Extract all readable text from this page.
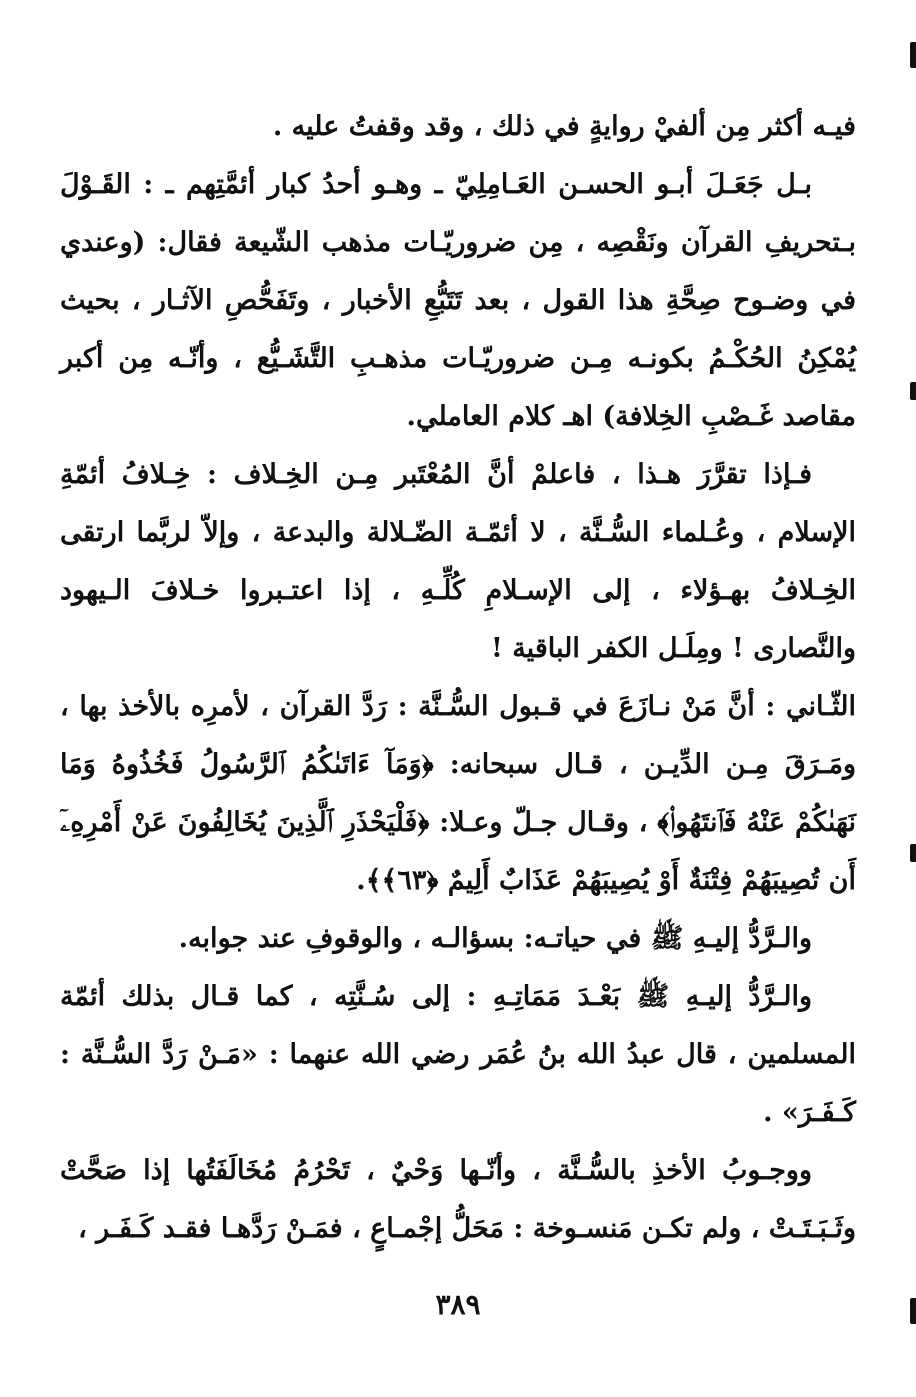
فيـه أكثر مِن ألفيْ روايةٍ في ذلك ، وقد وقفتُ عليه .

بـل جَعَـلَ أبـو الحسـن العَـامِلِيّ ـ وهـو أحدُ كبار أئمَّتِهم ـ : القَـوْلَ بـتحريفِ القرآن ونَقْصِه ، مِن ضروريّـات مذهب الشّيعة فقال: (وعندي في وضـوح صِحَّةِ هذا القول ، بعد تَتَبُّعِ الأخبار ، وتَفَحُّصِ الآثـار ، بحيث يُمْكِنُ الحُكْـمُ بكونـه مِـن ضروريّـات مذهـبِ التَّشَـيُّع ، وأنّـه مِن أكبر مقاصد غَـصْبِ الخِلافة) اهـ كلام العاملي.

فـإذا تقرَّرَ هـذا ، فاعلمْ أنَّ المُعْتَبر مِـن الخِـلاف : خِـلافُ أئمّةِ الإسلام ، وعُـلماء السُّـنَّة ، لا أئمّـة الضّـلالة والبدعة ، وإلاّ لربَّما ارتقى الخِـلافُ بهـؤلاء ، إلى الإسـلامِ كُلِّـهِ ، إذا اعتـبروا خـلافَ الـيهود والنَّصارى ! ومِلَـل الكفر الباقية !

الثّـاني : أنَّ مَنْ نـازَعَ في قـبول السُّـنَّة : رَدَّ القرآن ، لأمرِه بالأخذ بها ، ومَـرَقَ مِـن الدِّيـن ، قـال سبحانه: ﴿وَمَآ ءَاتَىٰكُمُ ٱلرَّسُولُ فَخُذُوهُ وَمَا نَهَىٰكُمْ عَنْهُ فَٱنتَهُوا۟﴾ ، وقـال جـلّ وعـلا: ﴿فَلْيَحْذَرِ ٱلَّذِينَ يُخَالِفُونَ عَنْ أَمْرِهِۦٓ أَن تُصِيبَهُمْ فِتْنَةٌ أَوْ يُصِيبَهُمْ عَذَابٌ أَلِيمٌ ﴿٦٣﴾﴾.

والـرَّدُّ إليـهِ ﷺ في حياتـه: بسؤالـه ، والوقوفِ عند جوابه.

والـرَّدُّ إليـهِ ﷺ بَعْـدَ مَمَاتِـهِ : إلى سُـنَّتِه ، كما قـال بذلك أئمّة المسلمين ، قال عبدُ الله بنُ عُمَر رضي الله عنهما : «مَـنْ رَدَّ السُّـنَّة : كَـفَـرَ» .

ووجـوبُ الأخذِ بالسُّـنَّة ، وأنّـها وَحْيٌ ، تَحْرُمُ مُخَالَفَتُها إذا صَحَّتْ وثَـبَـتَـتْ ، ولم تكـن مَنسـوخة : مَحَلُّ إجْمـاعٍ ، فمَـنْ رَدَّهـا فقـد كَـفَـر ،

٣٨٩
